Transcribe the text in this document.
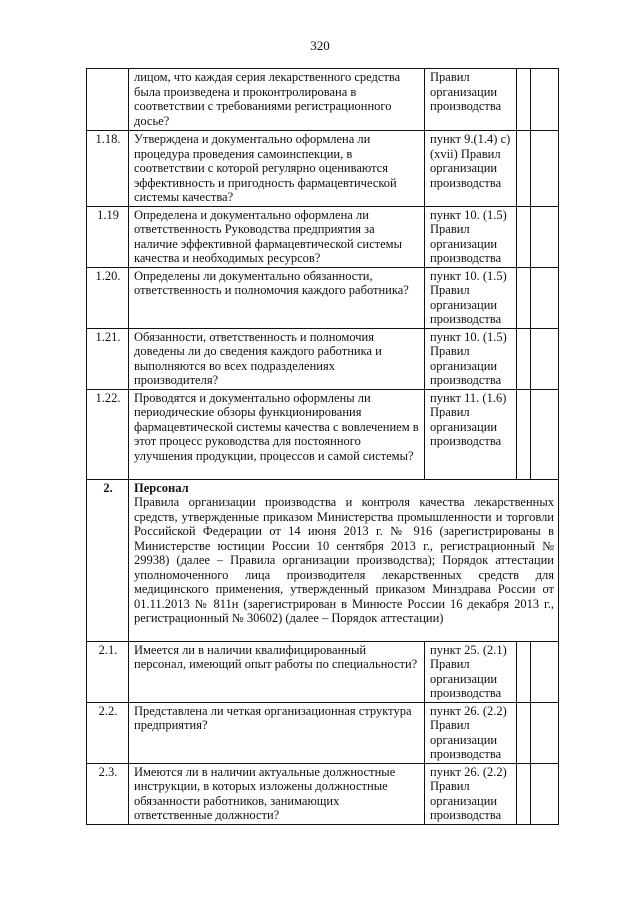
320
	лицом, что каждая серия лекарственного средства была произведена и проконтролирована в соответствии с требованиями регистрационного досье?	Правил организации производства		
1.18.	Утверждена и документально оформлена ли процедура проведения самоинспекции, в соответствии с которой регулярно оцениваются эффективность и пригодность фармацевтической системы качества?	пункт 9.(1.4) с) (xvii) Правил организации производства		
1.19	Определена и документально оформлена ли ответственность Руководства предприятия за наличие эффективной фармацевтической системы качества и необходимых ресурсов?	пункт 10. (1.5) Правил организации производства		
1.20.	Определены ли документально обязанности, ответственность и полномочия каждого работника?	пункт 10. (1.5) Правил организации производства		
1.21.	Обязанности, ответственность и полномочия доведены ли до сведения каждого работника и выполняются во всех подразделениях производителя?	пункт 10. (1.5) Правил организации производства		
1.22.	Проводятся и документально оформлены ли периодические обзоры функционирования фармацевтической системы качества с вовлечением в этот процесс руководства для постоянного улучшения продукции, процессов и самой системы?	пункт 11. (1.6) Правил организации производства		
2.	Персонал
Правила организации производства и контроля качества лекарственных средств, утвержденные приказом Министерства промышленности и торговли Российской Федерации от 14 июня 2013 г. № 916 (зарегистрированы в Министерстве юстиции России 10 сентября 2013 г., регистрационный № 29938) (далее – Правила организации производства); Порядок аттестации уполномоченного лица производителя лекарственных средств для медицинского применения, утвержденный приказом Минздрава России от 01.11.2013 № 811н (зарегистрирован в Минюсте России 16 декабря 2013 г., регистрационный № 30602) (далее – Порядок аттестации)			

2.1.	Имеется ли в наличии квалифицированный персонал, имеющий опыт работы по специальности?	пункт 25. (2.1) Правил организации производства		
2.2.	Представлена ли четкая организационная структура предприятия?	пункт 26. (2.2) Правил организации производства		
2.3.	Имеются ли в наличии актуальные должностные инструкции, в которых изложены должностные обязанности работников, занимающих ответственные должности?	пункт 26. (2.2) Правил организации производства		
